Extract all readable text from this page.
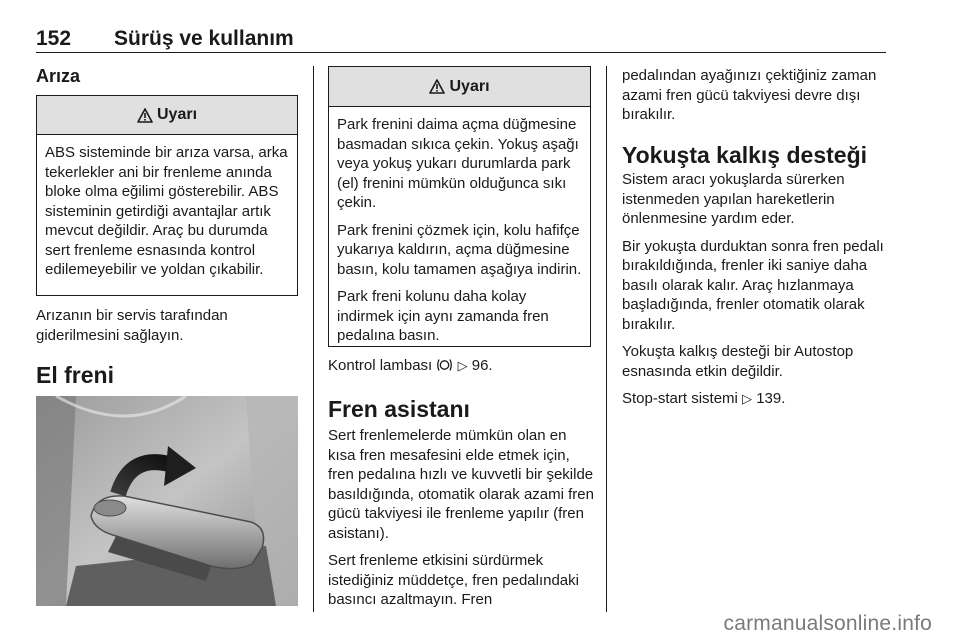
152 Sürüş ve kullanım
Arıza
Uyarı

ABS sisteminde bir arıza varsa, arka tekerlekler ani bir frenleme anında bloke olma eğilimi gösterebilir. ABS sisteminin getirdiği avantajlar artık mevcut değildir. Araç bu durumda sert frenleme esnasında kontrol edilemeyebilir ve yoldan çıkabilir.

Arızanın bir servis tarafından giderilmesini sağlayın.

El freni
Uyarı

Park frenini daima açma düğmesine basmadan sıkıca çekin. Yokuş aşağı veya yokuş yukarı durumlarda park (el) frenini mümkün olduğunca sıkı çekin.

Park frenini çözmek için, kolu hafifçe yukarıya kaldırın, açma düğmesine basın, kolu tamamen aşağıya indirin.

Park freni kolunu daha kolay indirmek için aynı zamanda fren pedalına basın.

Kontrol lambası ▷ 96.

Fren asistanı

Sert frenlemelerde mümkün olan en kısa fren mesafesini elde etmek için, fren pedalına hızlı ve kuvvetli bir şekilde basıldığında, otomatik olarak azami fren gücü takviyesi ile frenleme yapılır (fren asistanı).

Sert frenleme etkisini sürdürmek istediğiniz müddetçe, fren pedalındaki basıncı azaltmayın. Fren

pedalından ayağınızı çektiğiniz zaman azami fren gücü takviyesi devre dışı bırakılır.

Yokuşta kalkış desteği

Sistem aracı yokuşlarda sürerken istenmeden yapılan hareketlerin önlenmesine yardım eder.

Bir yokuşta durduktan sonra fren pedalı bırakıldığında, frenler iki saniye daha basılı olarak kalır. Araç hızlanmaya başladığında, frenler otomatik olarak bırakılır.

Yokuşta kalkış desteği bir Autostop esnasında etkin değildir.

Stop-start sistemi ▷ 139.

carmanualsonline.info
